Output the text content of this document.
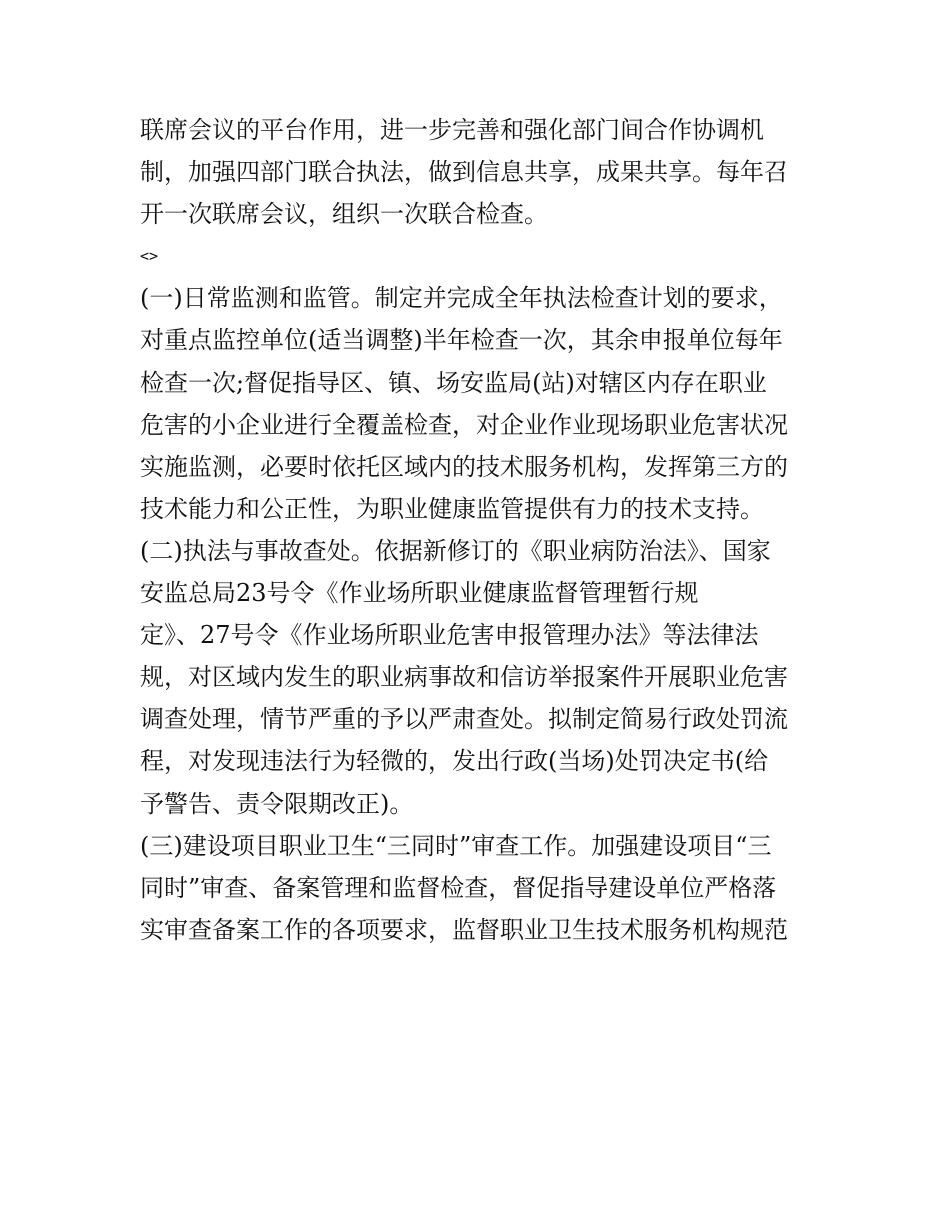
联席会议的平台作用，进一步完善和强化部门间合作协调机
制，加强四部门联合执法，做到信息共享，成果共享。每年召
开一次联席会议，组织一次联合检查。
<>
(一)日常监测和监管。制定并完成全年执法检查计划的要求，
对重点监控单位(适当调整)半年检查一次，其余申报单位每年
检查一次;督促指导区、镇、场安监局(站)对辖区内存在职业
危害的小企业进行全覆盖检查，对企业作业现场职业危害状况
实施监测，必要时依托区域内的技术服务机构，发挥第三方的
技术能力和公正性，为职业健康监管提供有力的技术支持。
(二)执法与事故查处。依据新修订的《职业病防治法》、国家
安监总局23号令《作业场所职业健康监督管理暂行规
定》、27号令《作业场所职业危害申报管理办法》等法律法
规，对区域内发生的职业病事故和信访举报案件开展职业危害
调查处理，情节严重的予以严肃查处。拟制定简易行政处罚流
程，对发现违法行为轻微的，发出行政(当场)处罚决定书(给
予警告、责令限期改正)。
(三)建设项目职业卫生“三同时”审查工作。加强建设项目“三
同时”审查、备案管理和监督检查，督促指导建设单位严格落
实审查备案工作的各项要求，监督职业卫生技术服务机构规范
